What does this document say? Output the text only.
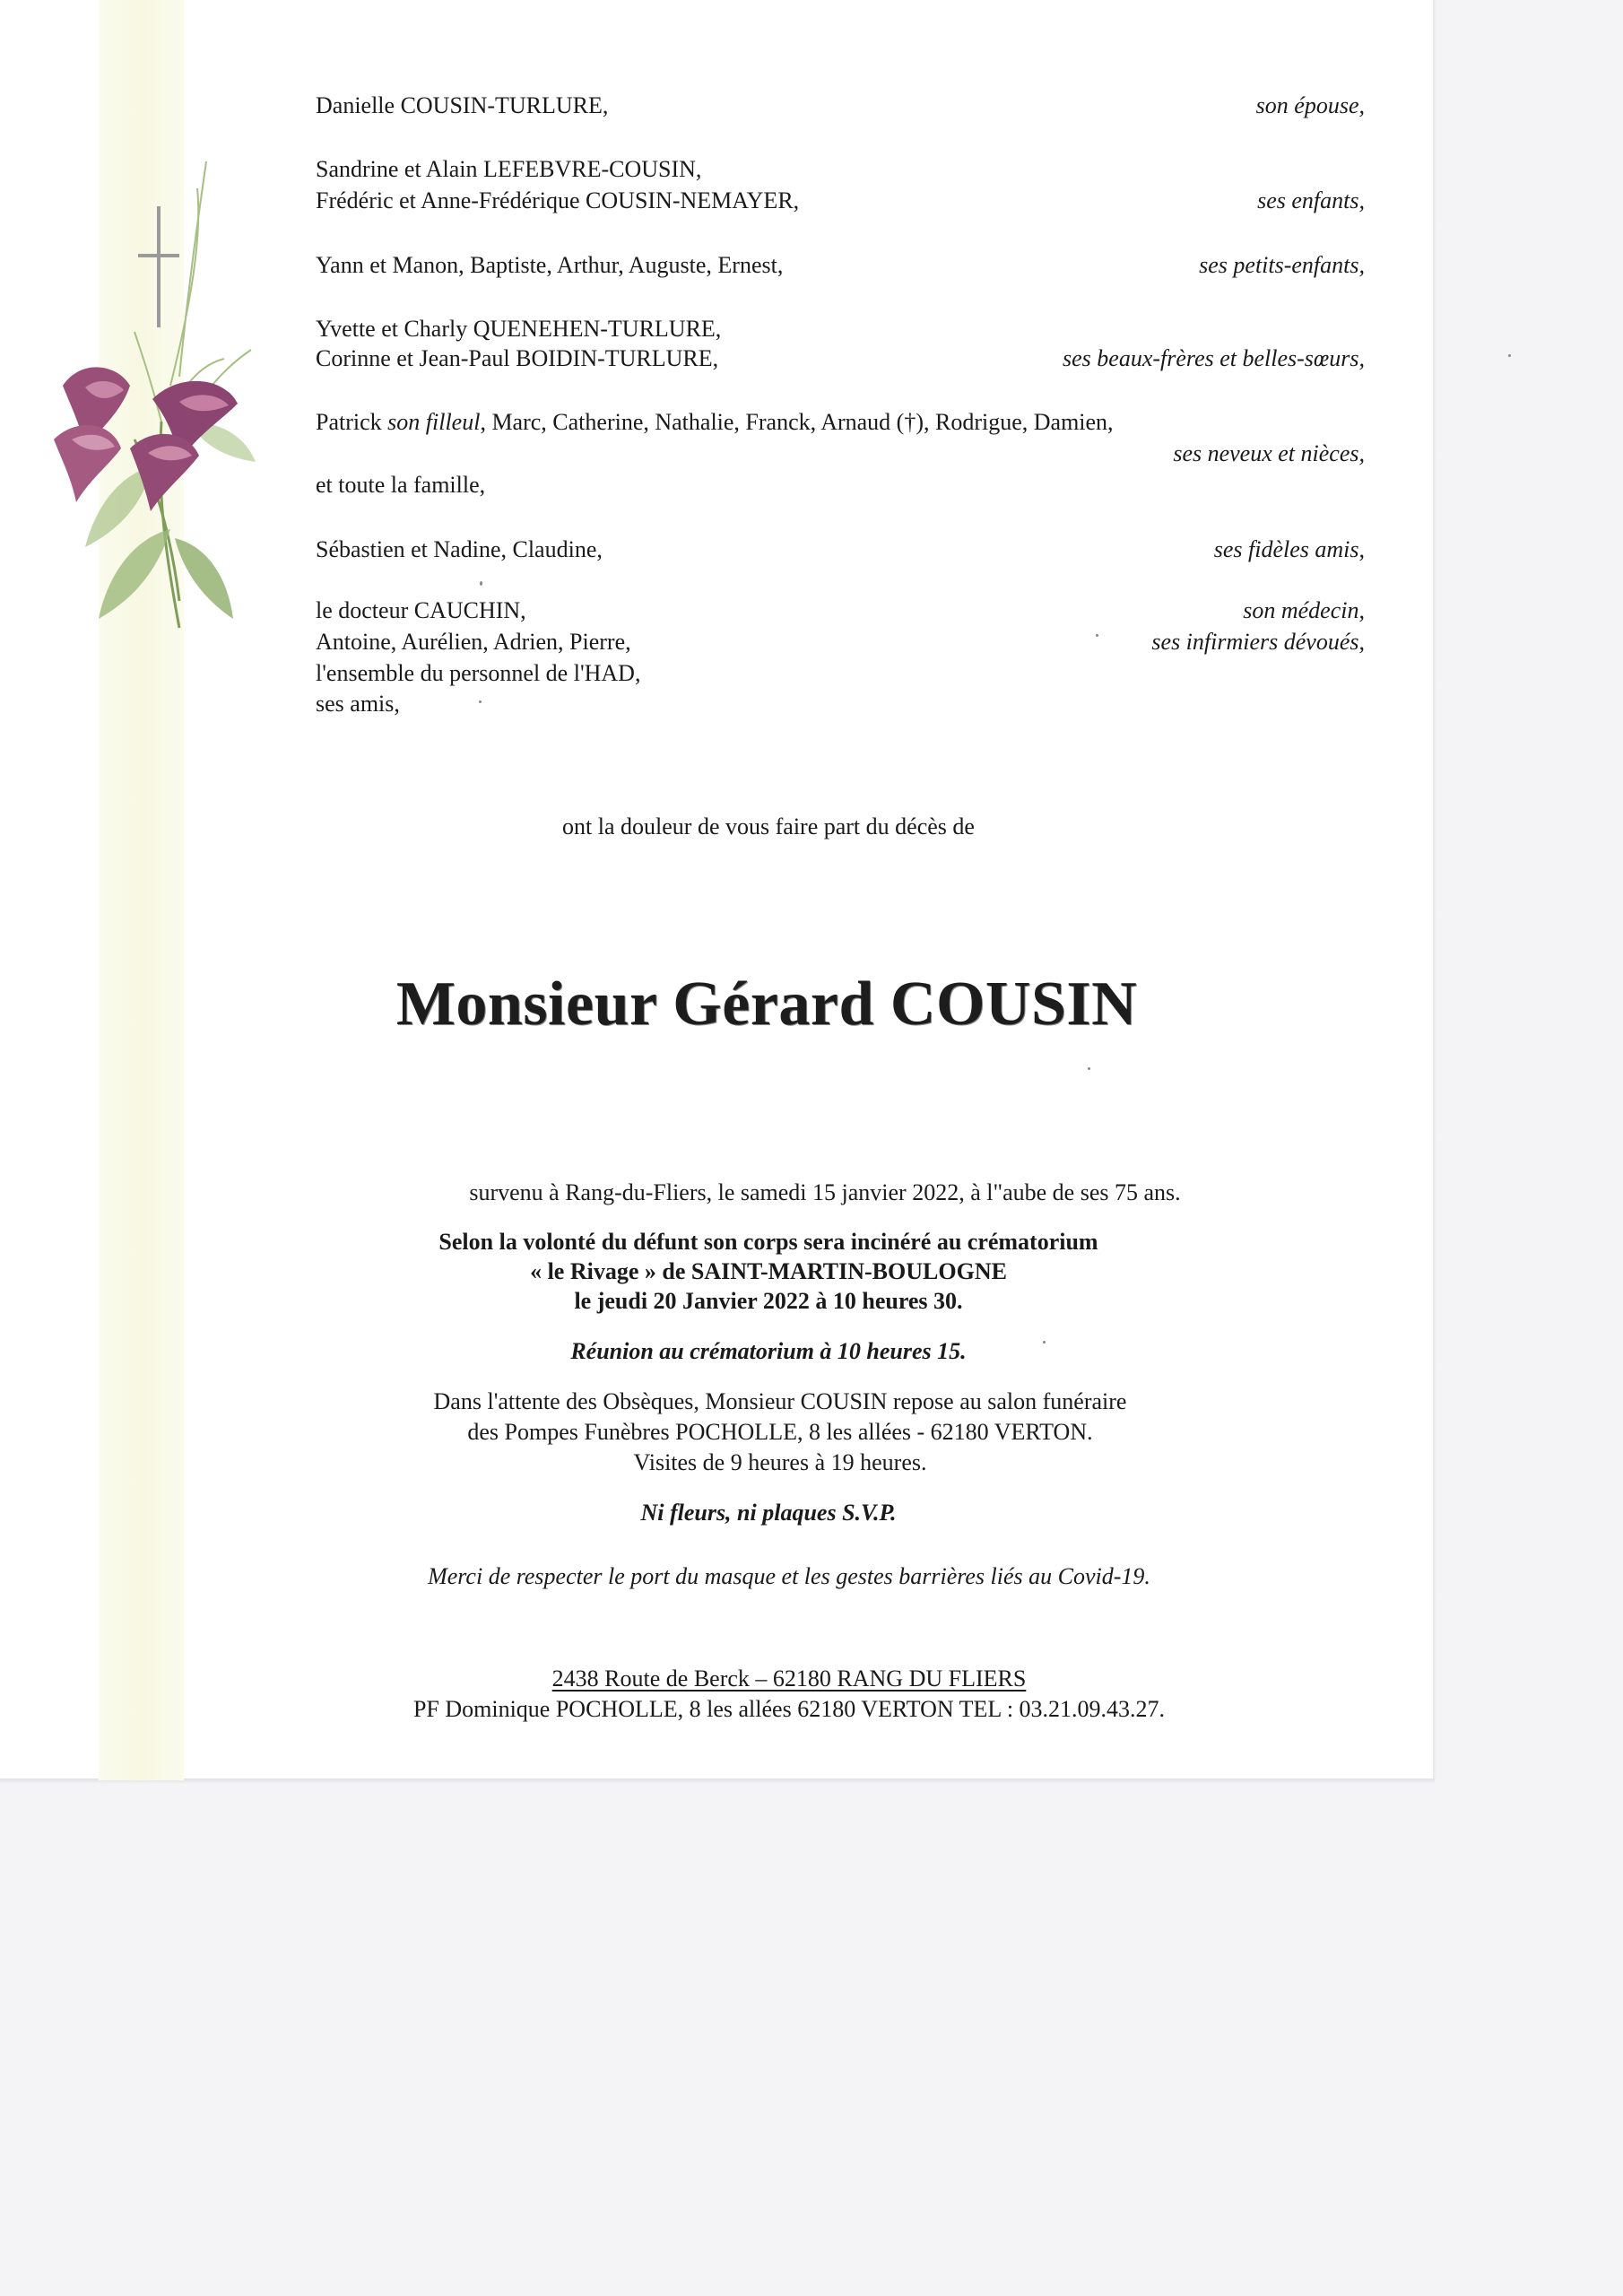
Danielle COUSIN-TURLURE,	son épouse,
Sandrine et Alain LEFEBVRE-COUSIN,
Frédéric et Anne-Frédérique COUSIN-NEMAYER,	ses enfants,
Yann et Manon, Baptiste, Arthur, Auguste, Ernest,	ses petits-enfants,
Yvette et Charly QUENEHEN-TURLURE,
Corinne et Jean-Paul BOIDIN-TURLURE,	ses beaux-frères et belles-sœurs,
Patrick son filleul, Marc, Catherine, Nathalie, Franck, Arnaud (†), Rodrigue, Damien,
ses neveux et nièces,
et toute la famille,
Sébastien et Nadine, Claudine,	ses fidèles amis,
le docteur CAUCHIN,	son médecin,
Antoine, Aurélien, Adrien, Pierre,	ses infirmiers dévoués,
l'ensemble du personnel de l'HAD,
ses amis,
ont la douleur de vous faire part du décès de
Monsieur Gérard COUSIN
survenu à Rang-du-Fliers, le samedi 15 janvier 2022, à l"aube de ses 75 ans.
Selon la volonté du défunt son corps sera incinéré au crématorium
« le Rivage » de SAINT-MARTIN-BOULOGNE
le jeudi 20 Janvier 2022 à 10 heures 30.
Réunion au crématorium à 10 heures 15.
Dans l'attente des Obsèques, Monsieur COUSIN repose au salon funéraire
des Pompes Funèbres POCHOLLE, 8 les allées - 62180 VERTON.
Visites de 9 heures à 19 heures.
Ni fleurs, ni plaques S.V.P.
Merci de respecter le port du masque et les gestes barrières liés au Covid-19.
2438 Route de Berck – 62180 RANG DU FLIERS
PF Dominique POCHOLLE, 8 les allées 62180 VERTON TEL : 03.21.09.43.27.
